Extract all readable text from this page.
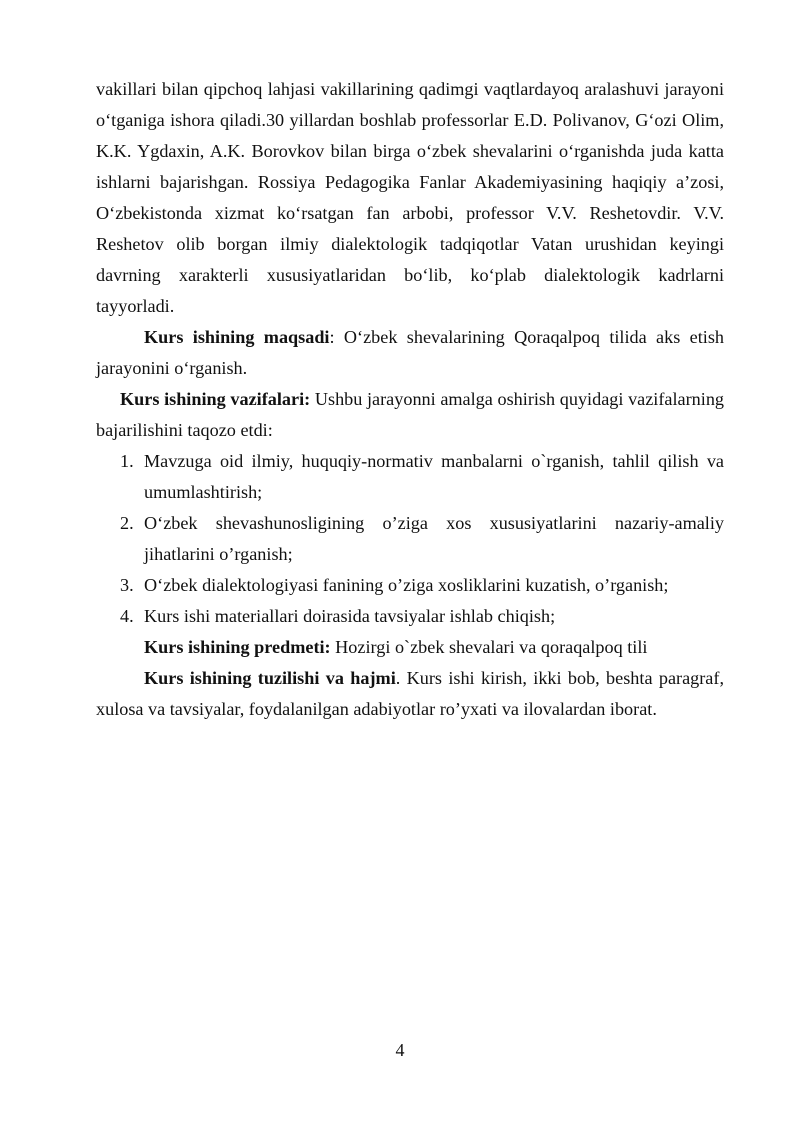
vakillari bilan qipchoq lahjasi vakillarining qadimgi vaqtlardayoq aralashuvi jarayoni o‘tganiga ishora qiladi.30 yillardan boshlab professorlar E.D. Polivanov, G‘ozi Olim, K.K. Ygdaxin, A.K. Borovkov bilan birga o‘zbek shevalarini o‘rganishda juda katta ishlarni bajarishgan. Rossiya Pedagogika Fanlar Akademiyasining haqiqiy a’zosi, O‘zbekistonda xizmat ko‘rsatgan fan arbobi, professor V.V. Reshetovdir. V.V. Reshetov olib borgan ilmiy dialektologik tadqiqotlar Vatan urushidan keyingi davrning xarakterli xususiyatlaridan bo‘lib, ko‘plab dialektologik kadrlarni tayyorladi.

Kurs ishining maqsadi: O‘zbek shevalarining Qoraqalpoq tilida aks etish jarayonini o‘rganish.

Kurs ishining vazifalari: Ushbu jarayonni amalga oshirish quyidagi vazifalarning bajarilishini taqozo etdi:

1. Mavzuga oid ilmiy, huquqiy-normativ manbalarni o`rganish, tahlil qilish va umumlashtirish;
2. O‘zbek shevashunosligining o’ziga xos xususiyatlarini nazariy-amaliy jihatlarini o’rganish;
3. O‘zbek dialektologiyasi fanining o’ziga xosliklarini kuzatish, o’rganish;
4. Kurs ishi materiallari doirasida tavsiyalar ishlab chiqish;

Kurs ishining predmeti: Hozirgi o`zbek shevalari va qoraqalpoq tili

Kurs ishining tuzilishi va hajmi. Kurs ishi kirish, ikki bob, beshta paragraf, xulosa va tavsiyalar, foydalanilgan adabiyotlar ro’yxati va ilovalardan iborat.

4
